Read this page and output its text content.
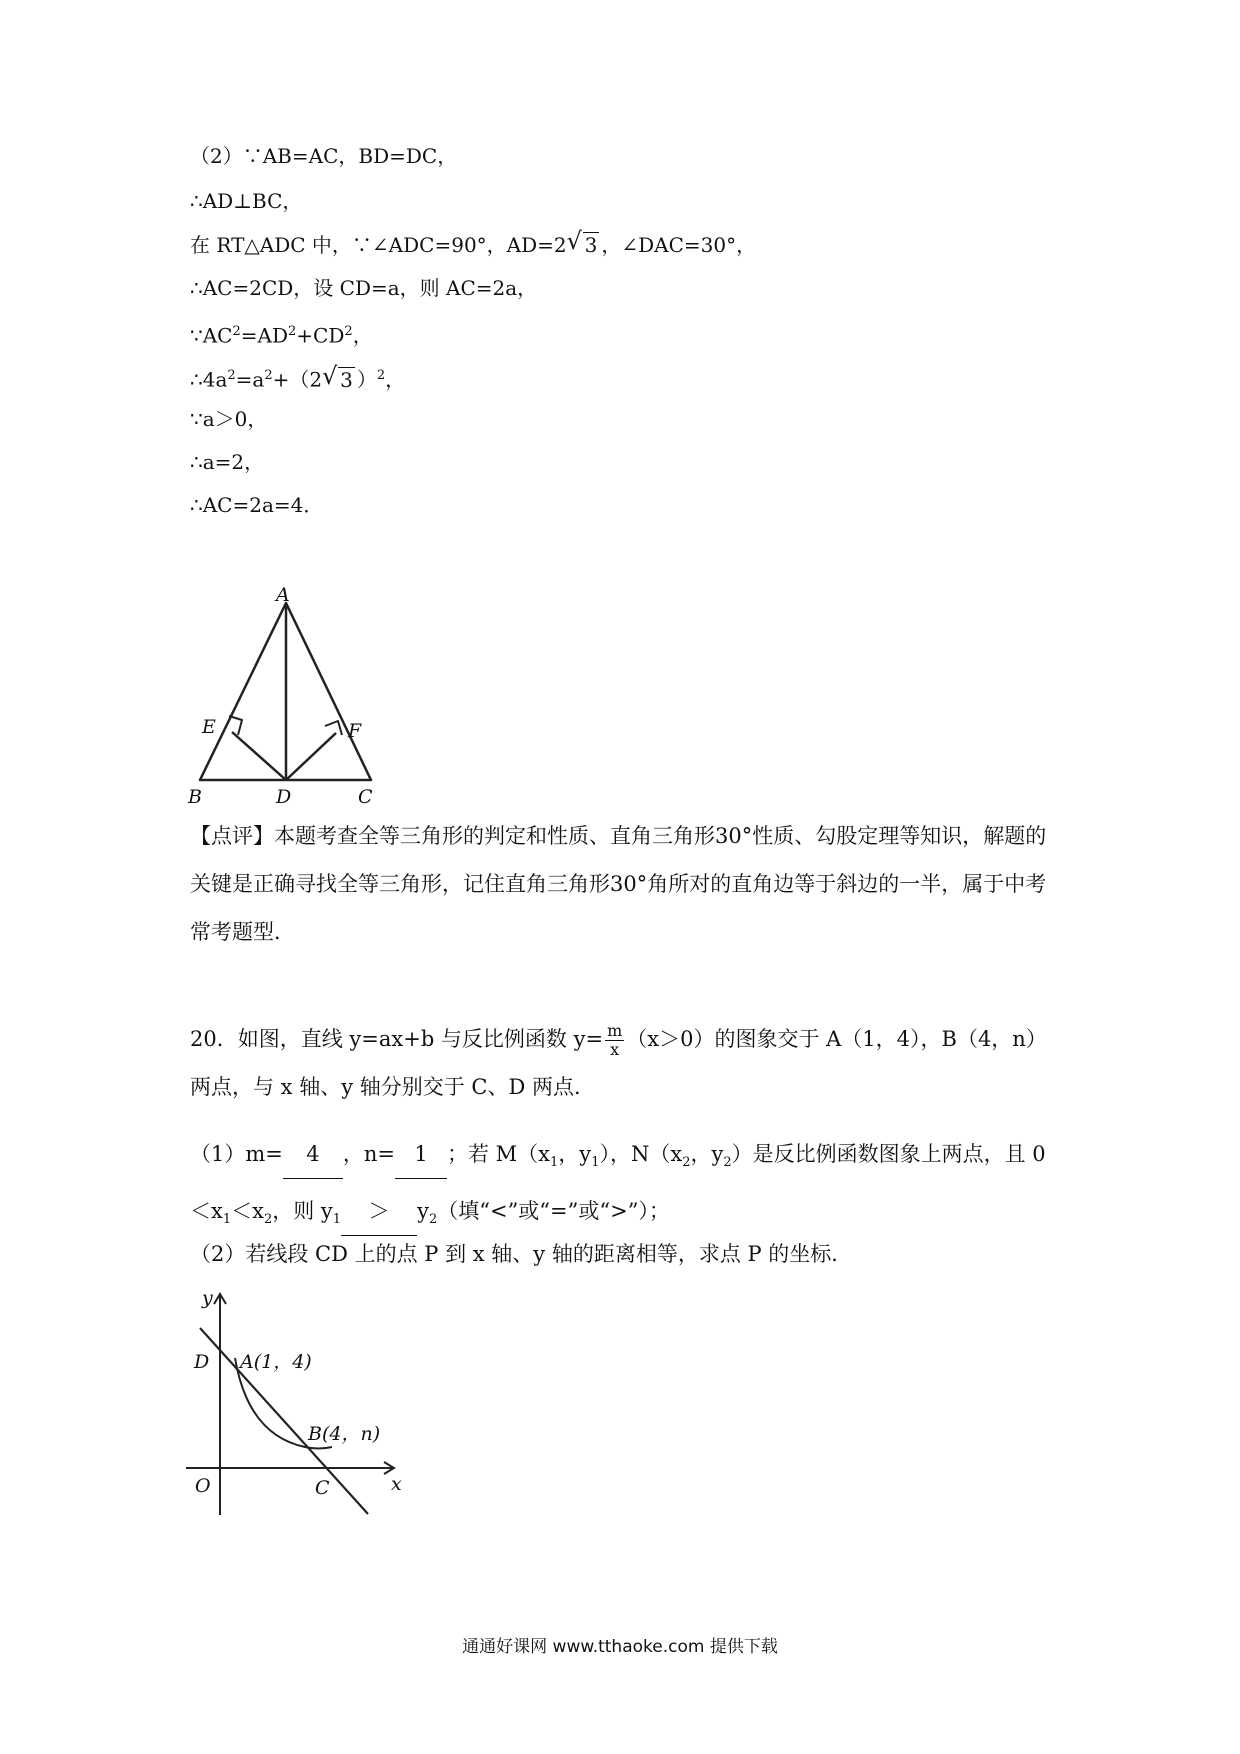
（2）∵AB=AC，BD=DC，
∴AD⊥BC，
在 RT△ADC 中，∵∠ADC=90°，AD=2√ 3 ，∠DAC=30°，
∴AC=2CD，设 CD=a，则 AC=2a，
$\because AC^2=AD^2+CD^2$，
$\therefore 4a^2=a^2+(2√$ 3 ）$^2$，
∵a＞0，
∴a=2，
∴AC=2a=4．
A
B	C
D
E	F
【点评】本题考查全等三角形的判定和性质、直角三角形30°性质、勾股定理等知识，解题的关键是正确寻找全等三角形，记住直角三角形30°角所对的直角边等于斜边的一半，属于中考常考题型．
20．如图，直线 y=ax+b 与反比例函数 $y= \frac{m}{x} (x>0)$的图象交于 A（1，4），B（4，n）两点，与 x 轴、y 轴分别交于 C、D 两点．
（1）m= 4 ，n= 1 ；若 $M(x_1$，$y_1$），$N(x_2$，$y_2$）是反比例函数图象上两点，且 $0<x_1<x_2$，则 $y_1 > y_2$（填“<”或“=”或“>”）；
（2）若线段 CD 上的点 P 到 x 轴、y 轴的距离相等，求点 P 的坐标．
y
x
O
D
C
A(1，4)
B(4，n)
通通好课网 www.tthaoke.com 提供下载
